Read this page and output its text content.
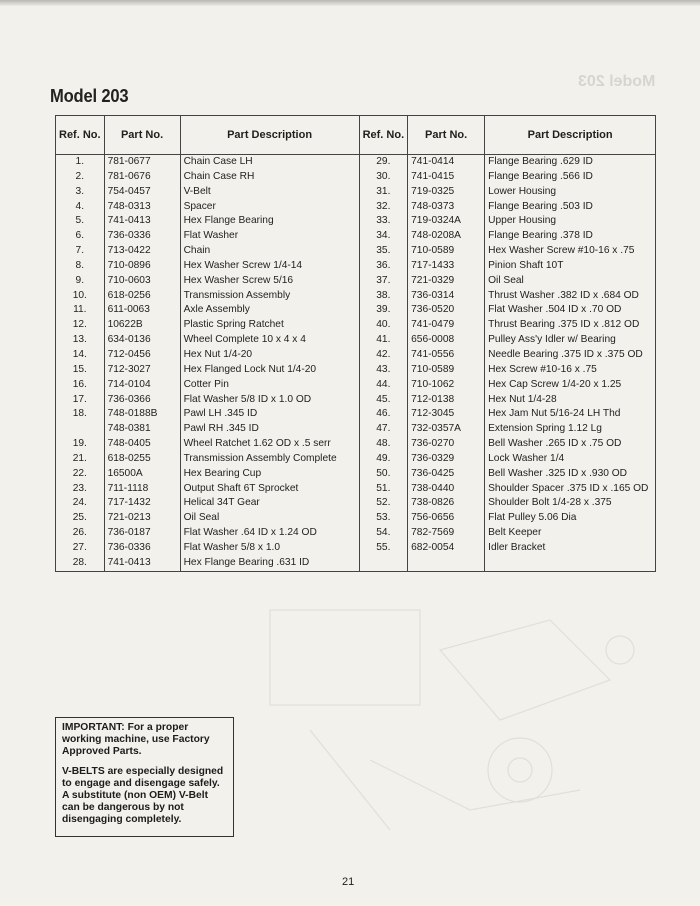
Model 203
Model 203
Ref. No.	Part No.	Part Description	Ref. No.	Part No.	Part Description
1.	781-0677	Chain Case LH	29.	741-0414	Flange Bearing .629 ID
2.	781-0676	Chain Case RH	30.	741-0415	Flange Bearing .566 ID
3.	754-0457	V-Belt	31.	719-0325	Lower Housing
4.	748-0313	Spacer	32.	748-0373	Flange Bearing .503 ID
5.	741-0413	Hex Flange Bearing	33.	719-0324A	Upper Housing
6.	736-0336	Flat Washer	34.	748-0208A	Flange Bearing .378 ID
7.	713-0422	Chain	35.	710-0589	Hex Washer Screw #10-16 x .75
8.	710-0896	Hex Washer Screw 1/4-14	36.	717-1433	Pinion Shaft 10T
9.	710-0603	Hex Washer Screw 5/16	37.	721-0329	Oil Seal
10.	618-0256	Transmission Assembly	38.	736-0314	Thrust Washer .382 ID x .684 OD
11.	611-0063	Axle Assembly	39.	736-0520	Flat Washer .504 ID x .70 OD
12.	10622B	Plastic Spring Ratchet	40.	741-0479	Thrust Bearing .375 ID x .812 OD
13.	634-0136	Wheel Complete 10 x 4 x 4	41.	656-0008	Pulley Ass'y Idler w/ Bearing
14.	712-0456	Hex Nut 1/4-20	42.	741-0556	Needle Bearing .375 ID x .375 OD
15.	712-3027	Hex Flanged Lock Nut 1/4-20	43.	710-0589	Hex Screw #10-16 x .75
16.	714-0104	Cotter Pin	44.	710-1062	Hex Cap Screw 1/4-20 x 1.25
17.	736-0366	Flat Washer 5/8 ID x 1.0 OD	45.	712-0138	Hex Nut 1/4-28
18.	748-0188B	Pawl LH .345 ID	46.	712-3045	Hex Jam Nut 5/16-24 LH Thd
	748-0381	Pawl RH .345 ID	47.	732-0357A	Extension Spring 1.12 Lg
19.	748-0405	Wheel Ratchet 1.62 OD x .5 serr	48.	736-0270	Bell Washer .265 ID x .75 OD
21.	618-0255	Transmission Assembly Complete	49.	736-0329	Lock Washer 1/4
22.	16500A	Hex Bearing Cup	50.	736-0425	Bell Washer .325 ID x .930 OD
23.	711-1118	Output Shaft 6T Sprocket	51.	738-0440	Shoulder Spacer .375 ID x .165 OD
24.	717-1432	Helical 34T Gear	52.	738-0826	Shoulder Bolt 1/4-28 x .375
25.	721-0213	Oil Seal	53.	756-0656	Flat Pulley 5.06 Dia
26.	736-0187	Flat Washer .64 ID x 1.24 OD	54.	782-7569	Belt Keeper
27.	736-0336	Flat Washer 5/8 x 1.0	55.	682-0054	Idler Bracket
28.	741-0413	Hex Flange Bearing .631 ID			

IMPORTANT: For a proper working machine, use Factory Approved Parts.

V-BELTS are especially designed to engage and disengage safely. A substitute (non OEM) V-Belt can be dangerous by not disengaging completely.

21
